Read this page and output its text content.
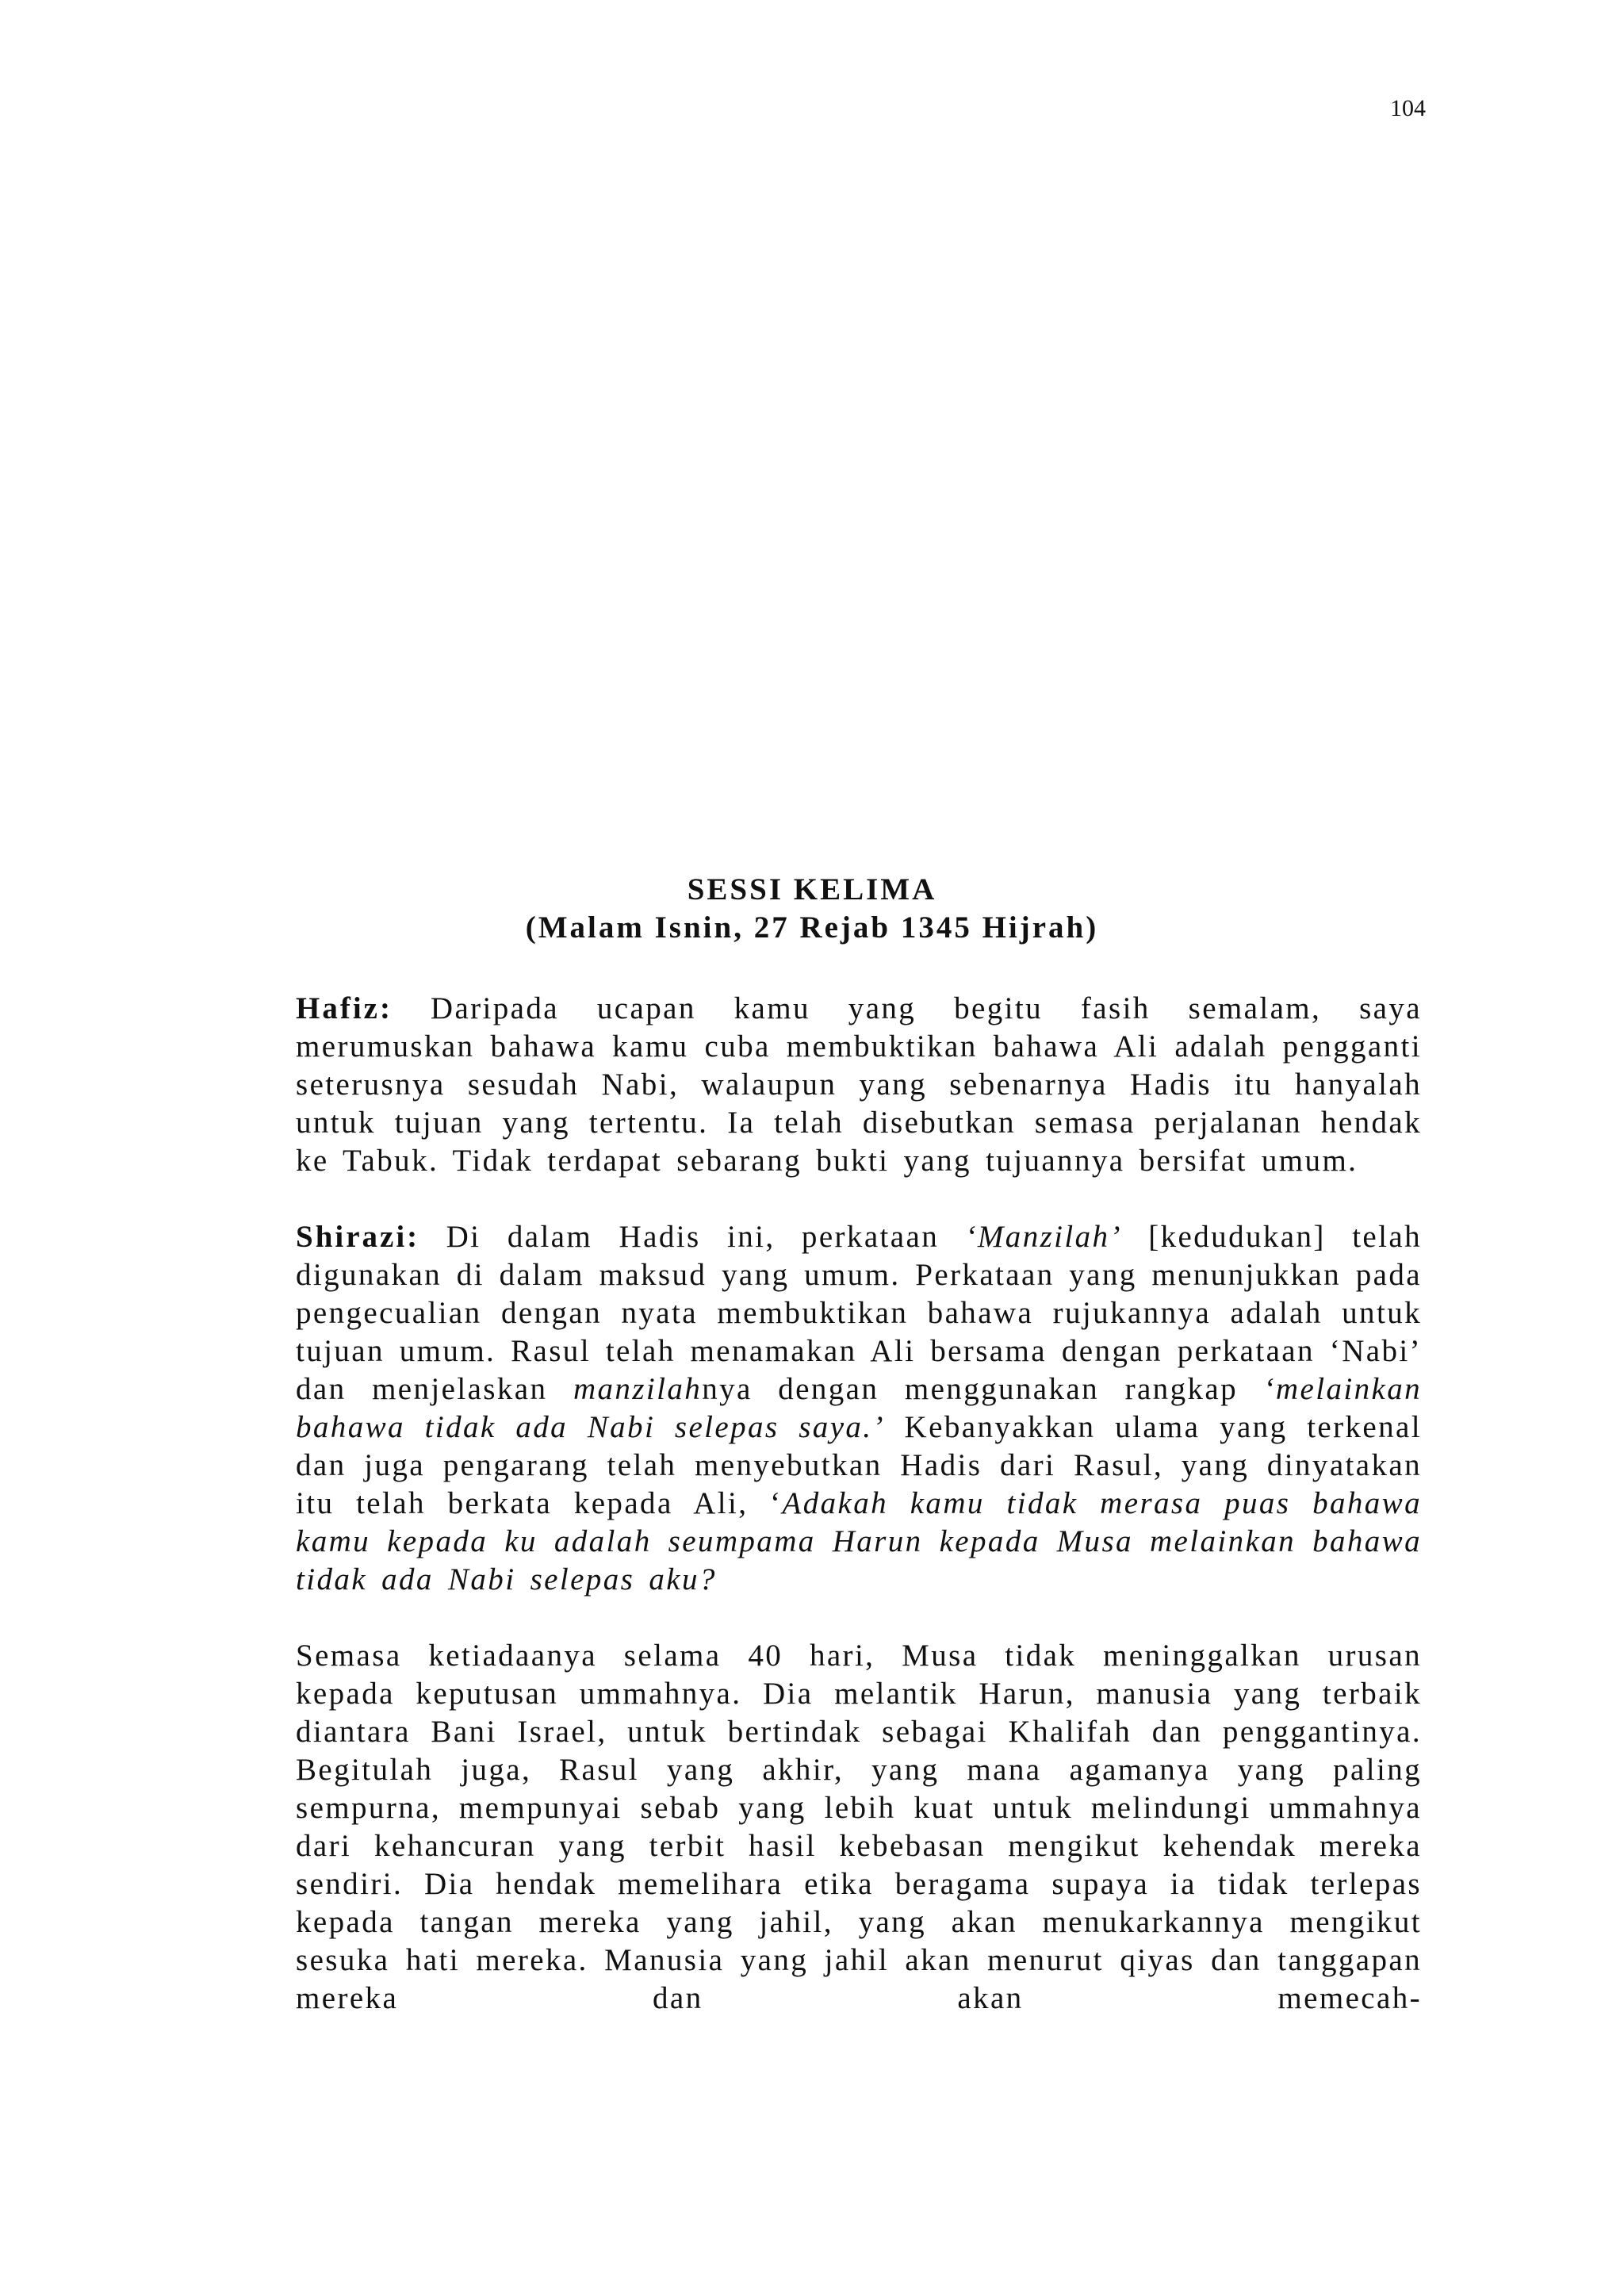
104
SESSI KELIMA
(Malam Isnin, 27 Rejab 1345 Hijrah)

Hafiz: Daripada ucapan kamu yang begitu fasih semalam, saya merumuskan bahawa kamu cuba membuktikan bahawa Ali adalah pengganti seterusnya sesudah Nabi, walaupun yang sebenarnya Hadis itu hanyalah untuk tujuan yang tertentu. Ia telah disebutkan semasa perjalanan hendak ke Tabuk. Tidak terdapat sebarang bukti yang tujuannya bersifat umum.

Shirazi: Di dalam Hadis ini, perkataan ‘Manzilah’ [kedudukan] telah digunakan di dalam maksud yang umum. Perkataan yang menunjukkan pada pengecualian dengan nyata membuktikan bahawa rujukannya adalah untuk tujuan umum. Rasul telah menamakan Ali bersama dengan perkataan ‘Nabi’ dan menjelaskan manzilahnya dengan menggunakan rangkap ‘melainkan bahawa tidak ada Nabi selepas saya.’ Kebanyakkan ulama yang terkenal dan juga pengarang telah menyebutkan Hadis dari Rasul, yang dinyatakan itu telah berkata kepada Ali, ‘Adakah kamu tidak merasa puas bahawa kamu kepada ku adalah seumpama Harun kepada Musa melainkan bahawa tidak ada Nabi selepas aku?

Semasa ketiadaanya selama 40 hari, Musa tidak meninggalkan urusan kepada keputusan ummahnya. Dia melantik Harun, manusia yang terbaik diantara Bani Israel, untuk bertindak sebagai Khalifah dan penggantinya. Begitulah juga, Rasul yang akhir, yang mana agamanya yang paling sempurna, mempunyai sebab yang lebih kuat untuk melindungi ummahnya dari kehancuran yang terbit hasil kebebasan mengikut kehendak mereka sendiri. Dia hendak memelihara etika beragama supaya ia tidak terlepas kepada tangan mereka yang jahil, yang akan menukarkannya mengikut sesuka hati mereka. Manusia yang jahil akan menurut qiyas dan tanggapan mereka dan akan memecah-
